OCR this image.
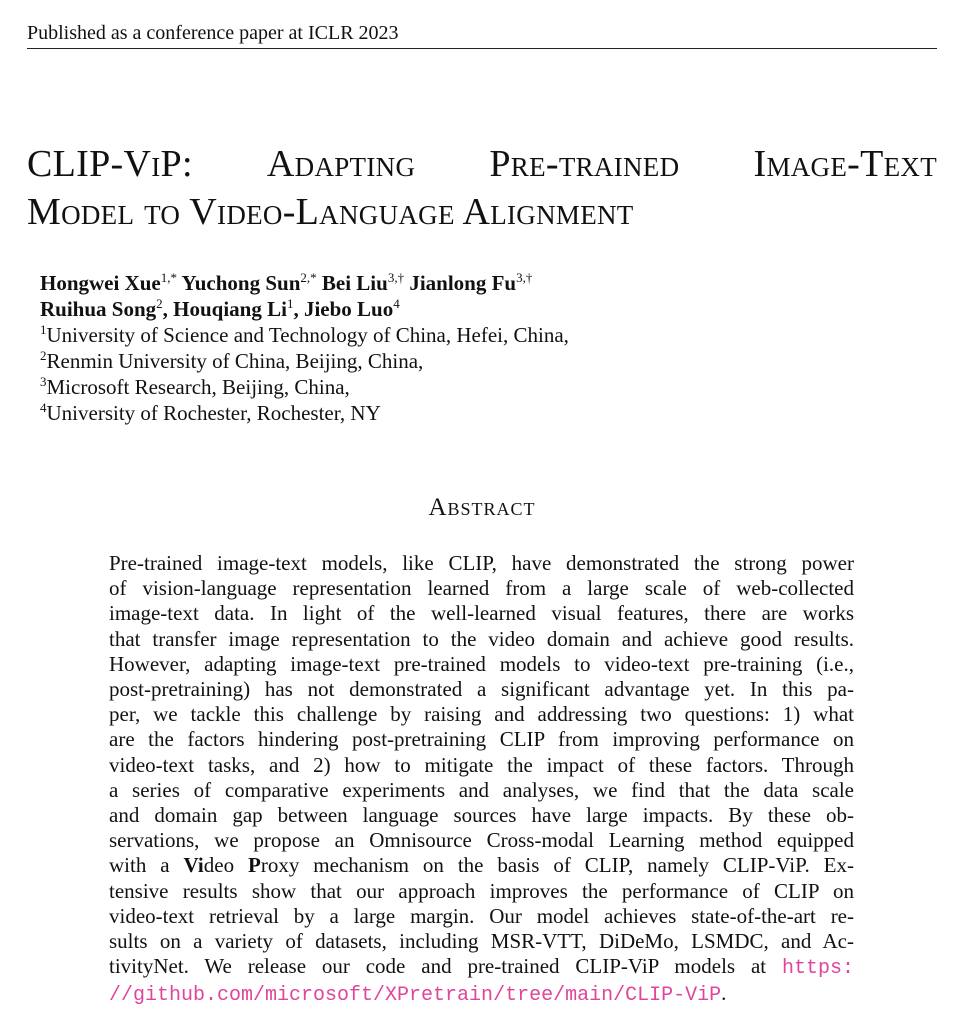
Published as a conference paper at ICLR 2023
CLIP-ViP: Adapting Pre-trained Image-Text
Model to Video-Language Alignment
Hongwei Xue$^{1,*}$ Yuchong Sun$^{2,*}$ Bei Liu$^{3,\dagger}$ Jianlong $Fu^{3,\dagger}$
Ruihua Song$^2$, Houqiang Li$^1$, Jiebo Luo$^4$
$^1$University of Science and Technology of China, Hefei, China,
$^2$Renmin University of China, Beijing, China,
$^3$Microsoft Research, Beijing, China,
$^4$University of Rochester, Rochester, NY
Abstract
Pre-trained image-text models, like CLIP, have demonstrated the strong power
of vision-language representation learned from a large scale of web-collected
image-text data. In light of the well-learned visual features, there are works
that transfer image representation to the video domain and achieve good results.
However, adapting image-text pre-trained models to video-text pre-training (i.e.,
post-pretraining) has not demonstrated a significant advantage yet. In this pa-
per, we tackle this challenge by raising and addressing two questions: 1) what
are the factors hindering post-pretraining CLIP from improving performance on
video-text tasks, and 2) how to mitigate the impact of these factors. Through
a series of comparative experiments and analyses, we find that the data scale
and domain gap between language sources have large impacts. By these ob-
servations, we propose an Omnisource Cross-modal Learning method equipped
with a Video Proxy mechanism on the basis of CLIP, namely CLIP-ViP. Ex-
tensive results show that our approach improves the performance of CLIP on
video-text retrieval by a large margin. Our model achieves state-of-the-art re-
sults on a variety of datasets, including MSR-VTT, DiDeMo, LSMDC, and Ac-
tivityNet. We release our code and pre-trained CLIP-ViP models at https:
//github.com/microsoft/XPretrain/tree/main/CLIP-ViP.
